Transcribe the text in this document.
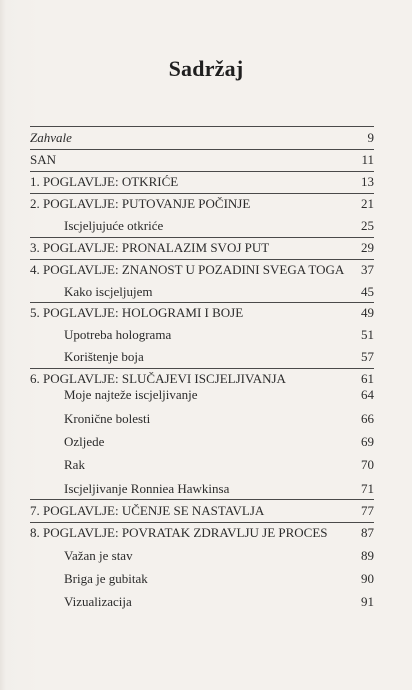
Sadržaj
Zahvale	9
SAN	11
1. POGLAVLJE: OTKRIĆE	13
2. POGLAVLJE: PUTOVANJE POČINJE	21
Iscjeljujuće otkriće	25
3. POGLAVLJE: PRONALAZIM SVOJ PUT	29
4. POGLAVLJE: ZNANOST U POZADINI SVEGA TOGA 37
Kako iscjeljujem	45
5. POGLAVLJE: HOLOGRAMI I BOJE	49
Upotreba holograma	51
Korištenje boja	57
6. POGLAVLJE: SLUČAJEVI ISCJELJIVANJA	61
Moje najteže iscjeljivanje	64
Kronične bolesti	66
Ozljede	69
Rak	70
Iscjeljivanje Ronniea Hawkinsa	71
7. POGLAVLJE: UČENJE SE NASTAVLJA	77
8. POGLAVLJE: POVRATAK ZDRAVLJU JE PROCES	87
Važan je stav	89
Briga je gubitak	90
Vizualizacija	91
